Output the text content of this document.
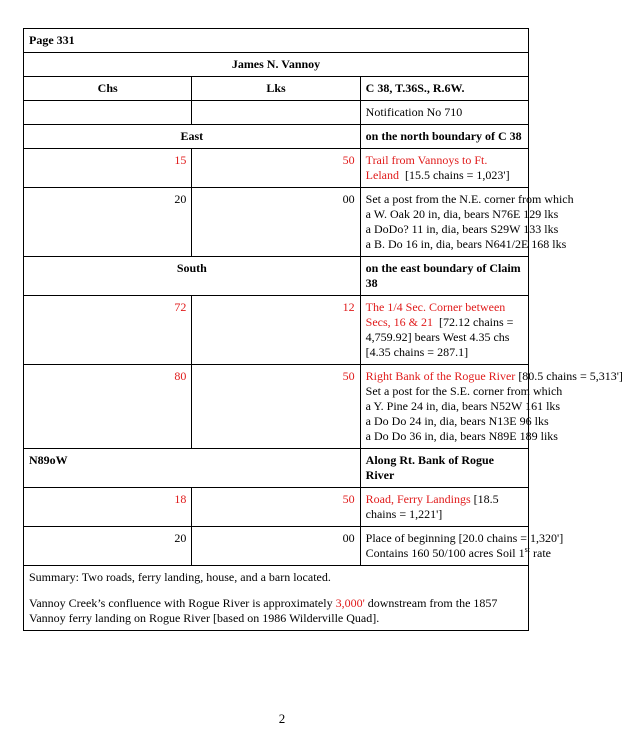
Page 331		
James N. Vannoy		
Chs	Lks	C 38, T.36S., R.6W.
		Notification No 710
East		on the north boundary of C 38
15	50	Trail from Vannoys to Ft. Leland [15.5 chains = 1,023']
20	00	Set a post from the N.E. corner from which
a W. Oak 20 in, dia, bears N76E 129 lks
a DoDo? 11 in, dia, bears S29W 133 lks
a B. Do 16 in, dia, bears N641/2E 168 lks

South		on the east boundary of Claim 38
72	12	The 1/4 Sec. Corner between Secs, 16 & 21 [72.12 chains = 4,759.92] bears West 4.35 chs [4.35 chains = 287.1]
80	50	Right Bank of the Rogue River [80.5 chains = 5,313']
Set a post for the S.E. corner from which
a Y. Pine 24 in, dia, bears N52W 161 lks
a Do Do 24 in, dia, bears N13E 96 lks
a Do Do 36 in, dia, bears N89E 189 liks

N89oW		Along Rt. Bank of Rogue River
18	50	Road, Ferry Landings [18.5 chains = 1,221']
20	00	Place of beginning [20.0 chains = 1,320']
Contains 160 50/100 acres Soil 1st rate

Summary: Two roads, ferry landing, house, and a barn located.

Vannoy Creek’s confluence with Rogue River is approximately 3,000' downstream from the 1857 Vannoy ferry landing on Rogue River [based on 1986 Wilderville Quad].		

2
